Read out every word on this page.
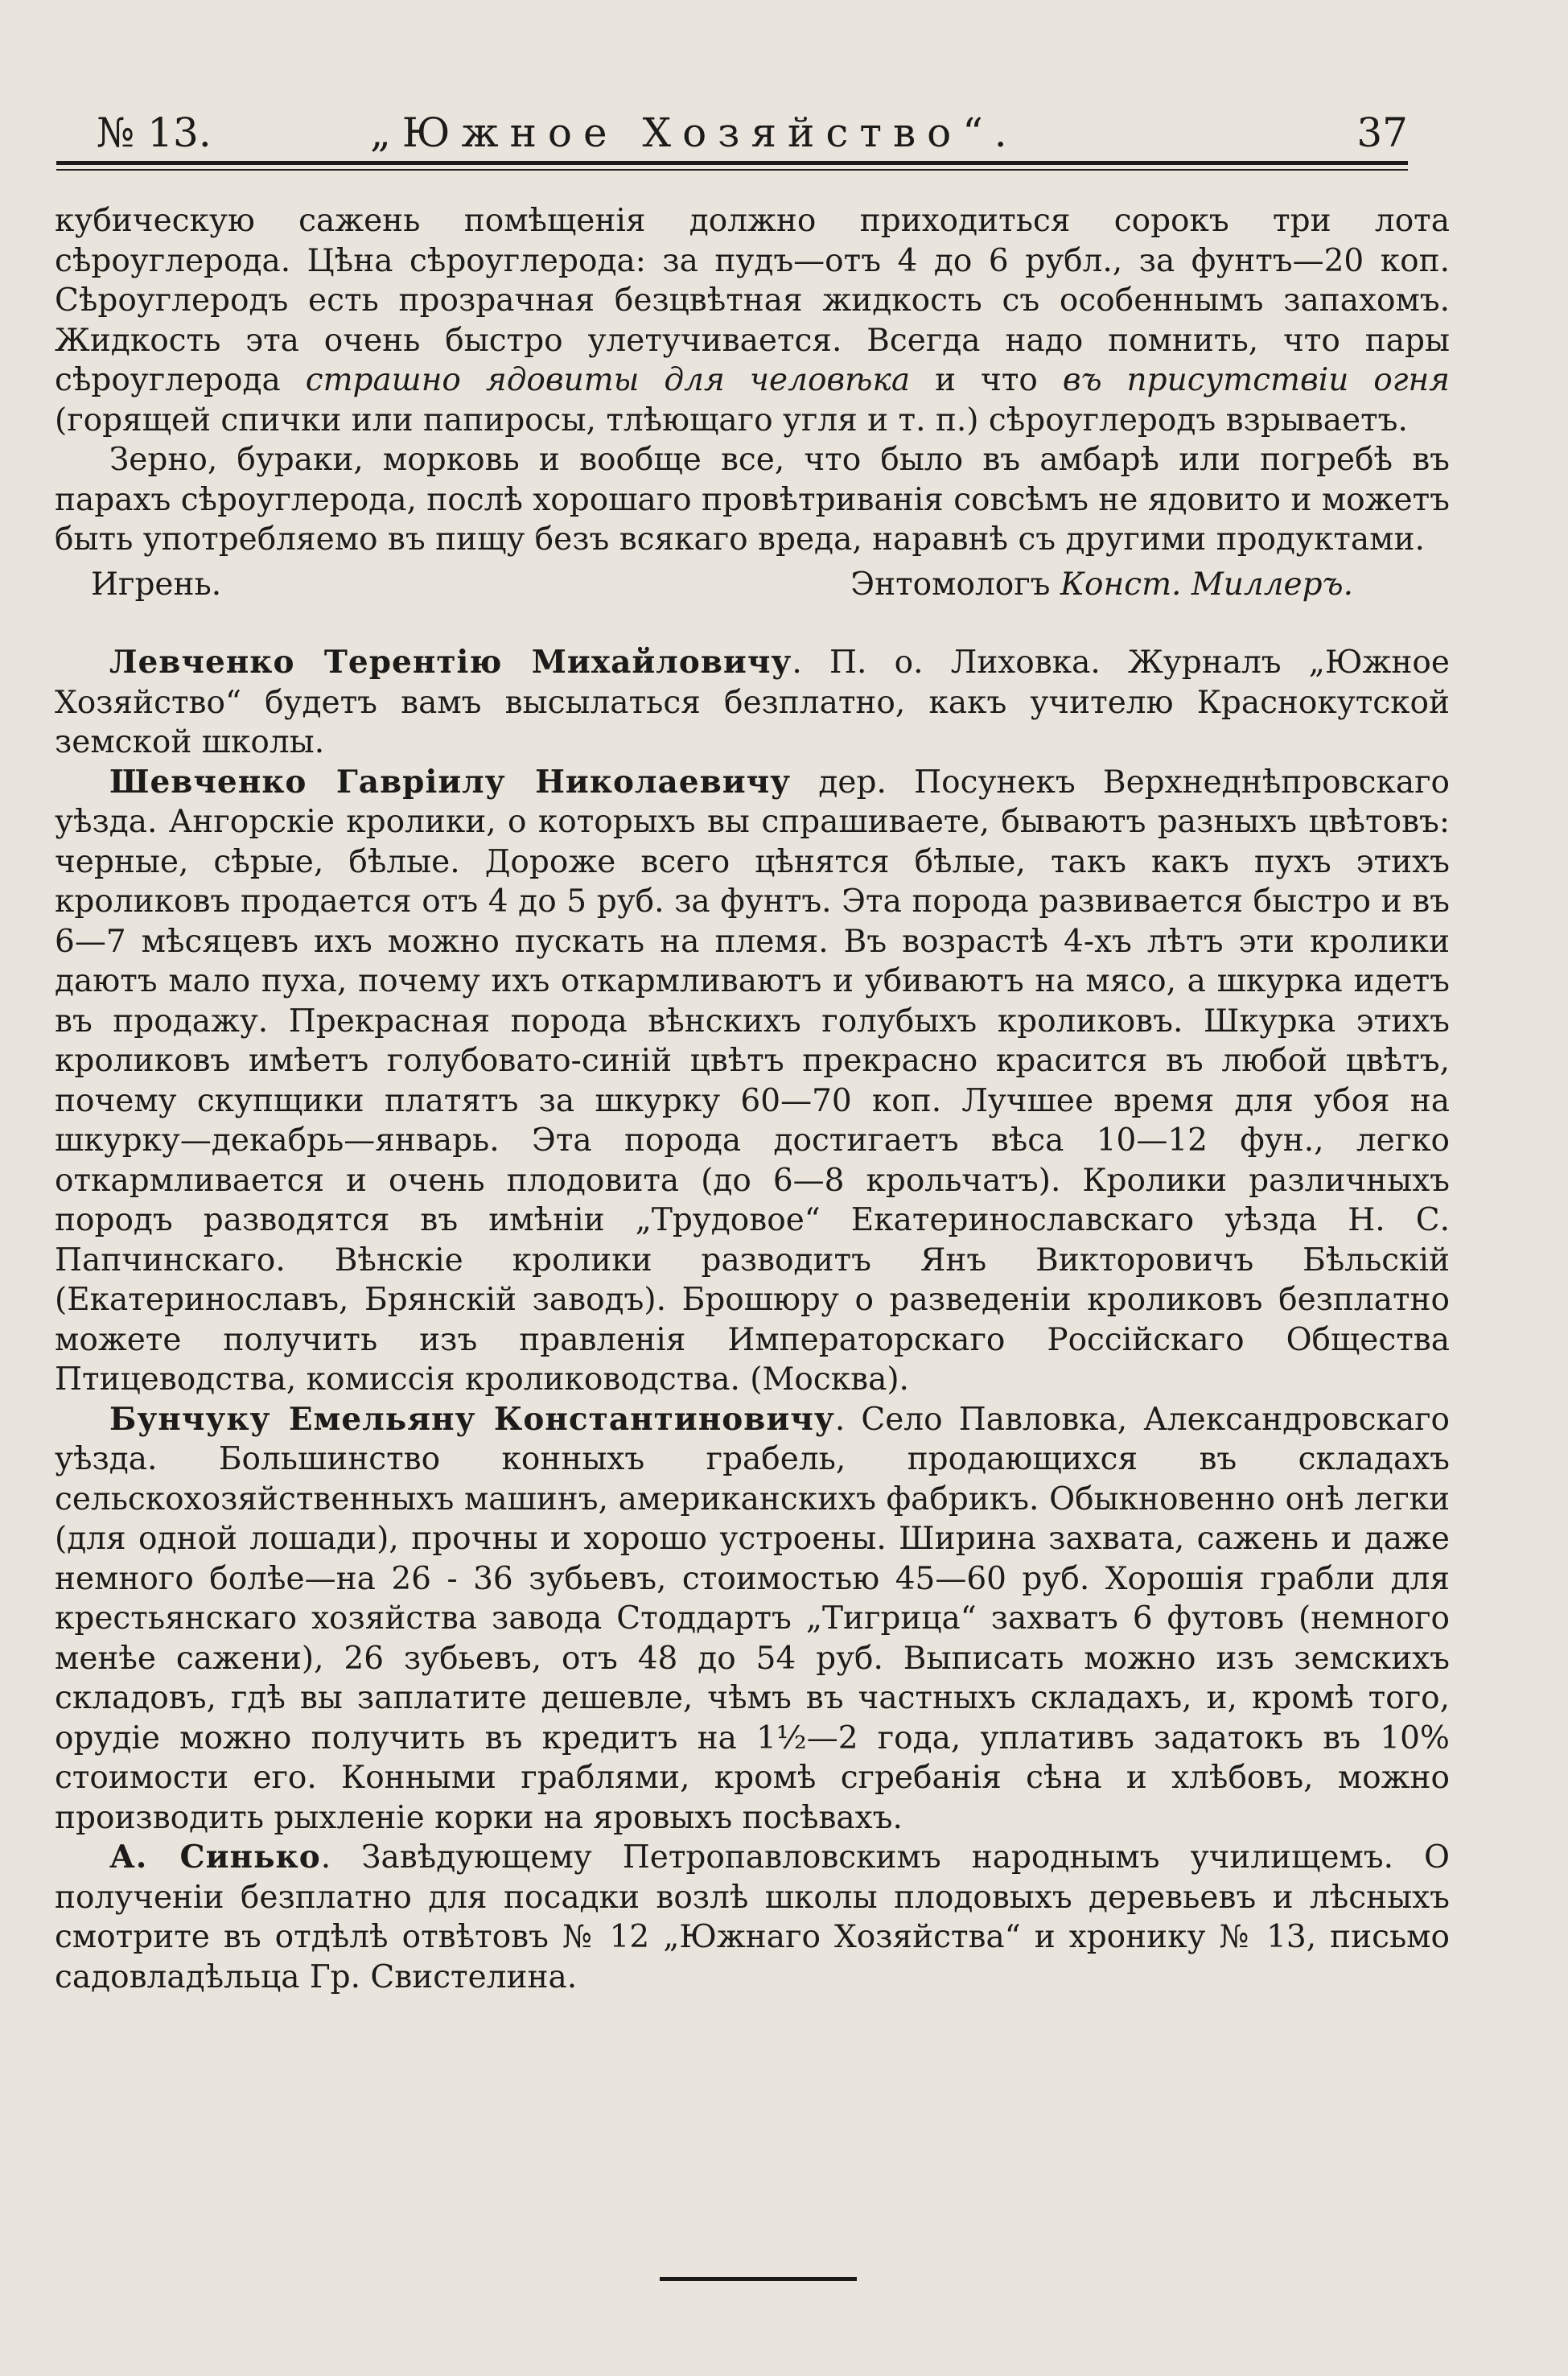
№ 13.	„Южное Хозяйство“.	37

кубическую сажень помѣщенія должно приходиться сорокъ три лота сѣроуглерода. Цѣна сѣроуглерода: за пудъ—отъ 4 до 6 рубл., за фунтъ—20 коп. Сѣроуглеродъ есть прозрачная безцвѣтная жидкость съ особеннымъ запахомъ. Жидкость эта очень быстро улетучивается. Всегда надо помнить, что пары сѣроуглерода страшно ядовиты для человѣка и что въ присутствіи огня (горящей спички или папиросы, тлѣющаго угля и т. п.) сѣроуглеродъ взрываетъ.

Зерно, бураки, морковь и вообще все, что было въ амбарѣ или погребѣ въ парахъ сѣроуглерода, послѣ хорошаго провѣтриванія совсѣмъ не ядовито и можетъ быть употребляемо въ пищу безъ всякаго вреда, наравнѣ съ другими продуктами.

Игрень.	Энтомологъ Конст. Миллеръ.

Левченко Терентію Михайловичу. П. о. Лиховка. Журналъ „Южное Хозяйство“ будетъ вамъ высылаться безплатно, какъ учителю Краснокутской земской школы.

Шевченко Гавріилу Николаевичу дер. Посунекъ Верхнеднѣпровскаго уѣзда. Ангорскіе кролики, о которыхъ вы спрашиваете, бываютъ разныхъ цвѣтовъ: черные, сѣрые, бѣлые. Дороже всего цѣнятся бѣлые, такъ какъ пухъ этихъ кроликовъ продается отъ 4 до 5 руб. за фунтъ. Эта порода развивается быстро и въ 6—7 мѣсяцевъ ихъ можно пускать на племя. Въ возрастѣ 4-хъ лѣтъ эти кролики даютъ мало пуха, почему ихъ откармливаютъ и убиваютъ на мясо, а шкурка идетъ въ продажу. Прекрасная порода вѣнскихъ голубыхъ кроликовъ. Шкурка этихъ кроликовъ имѣетъ голубовато-синій цвѣтъ прекрасно красится въ любой цвѣтъ, почему скупщики платятъ за шкурку 60—70 коп. Лучшее время для убоя на шкурку—декабрь—январь. Эта порода достигаетъ вѣса 10—12 фун., легко откармливается и очень плодовита (до 6—8 крольчатъ). Кролики различныхъ породъ разводятся въ имѣніи „Трудовое“ Екатеринославскаго уѣзда Н. С. Папчинскаго. Вѣнскіе кролики разводитъ Янъ Викторовичъ Бѣльскій (Екатеринославъ, Брянскій заводъ). Брошюру о разведеніи кроликовъ безплатно можете получить изъ правленія Императорскаго Россійскаго Общества Птицеводства, комиссія кролиководства. (Москва).

Бунчуку Емельяну Константиновичу. Село Павловка, Александровскаго уѣзда. Большинство конныхъ грабель, продающихся въ складахъ сельскохозяйственныхъ машинъ, американскихъ фабрикъ. Обыкновенно онѣ легки (для одной лошади), прочны и хорошо устроены. Ширина захвата, сажень и даже немного болѣе—на 26 - 36 зубьевъ, стоимостью 45—60 руб. Хорошія грабли для крестьянскаго хозяйства завода Стоддартъ „Тигрица“ захватъ 6 футовъ (немного менѣе сажени), 26 зубьевъ, отъ 48 до 54 руб. Выписать можно изъ земскихъ складовъ, гдѣ вы заплатите дешевле, чѣмъ въ частныхъ складахъ, и, кромѣ того, орудіе можно получить въ кредитъ на 1½—2 года, уплативъ задатокъ въ 10% стоимости его. Конными граблями, кромѣ сгребанія сѣна и хлѣбовъ, можно производить рыхленіе корки на яровыхъ посѣвахъ.

А. Синько. Завѣдующему Петропавловскимъ народнымъ училищемъ. О полученіи безплатно для посадки возлѣ школы плодовыхъ деревьевъ и лѣсныхъ смотрите въ отдѣлѣ отвѣтовъ № 12 „Южнаго Хозяйства“ и хронику № 13, письмо садовладѣльца Гр. Свистелина.
